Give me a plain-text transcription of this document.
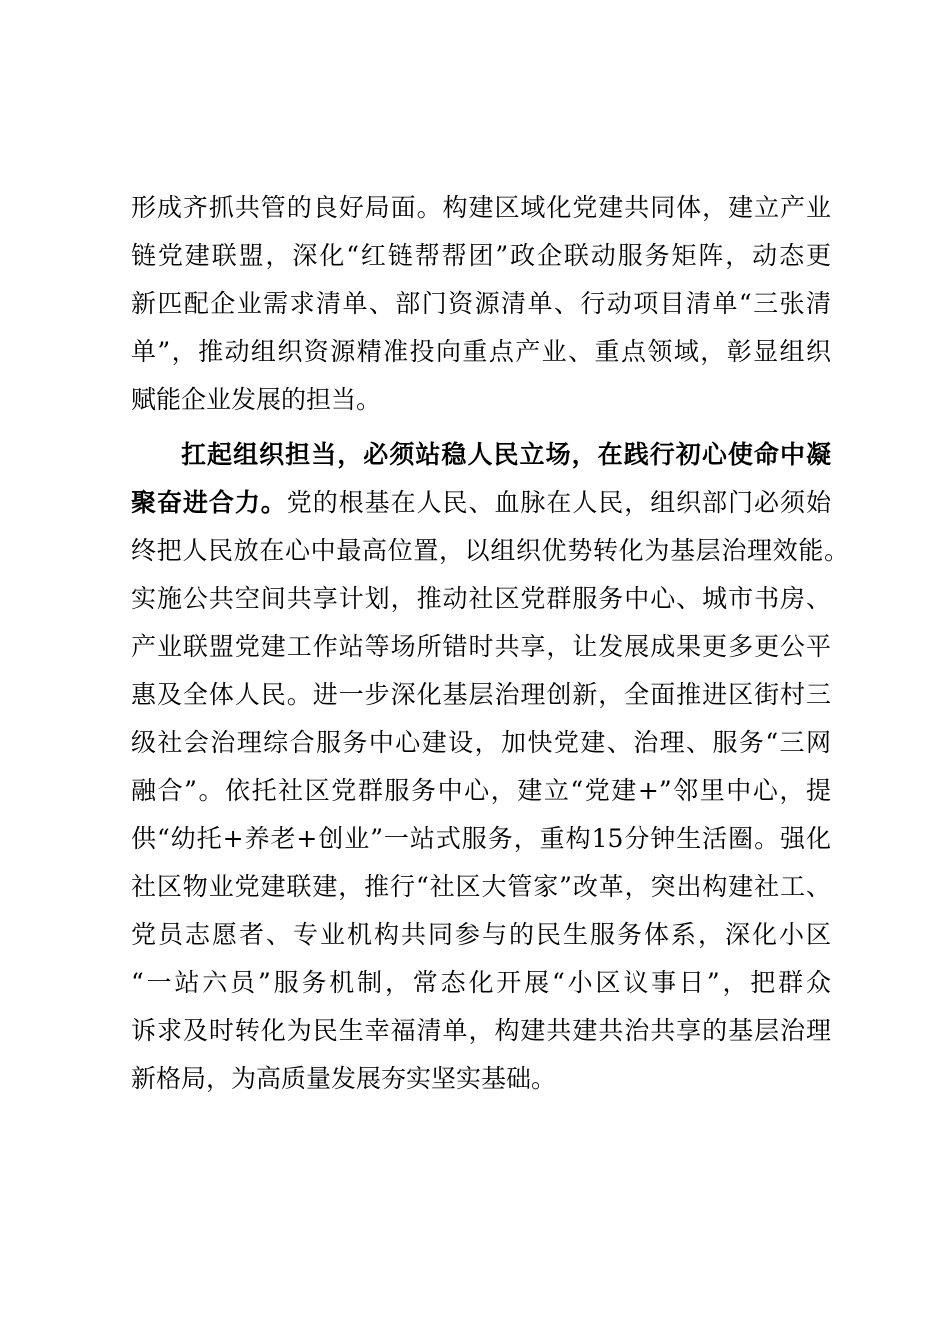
形成齐抓共管的良好局面。构建区域化党建共同体，建立产业
链党建联盟，深化“红链帮帮团”政企联动服务矩阵，动态更
新匹配企业需求清单、部门资源清单、行动项目清单“三张清
单”，推动组织资源精准投向重点产业、重点领域，彰显组织
赋能企业发展的担当。
扛起组织担当，必须站稳人民立场，在践行初心使命中凝
聚奋进合力。党的根基在人民、血脉在人民，组织部门必须始
终把人民放在心中最高位置，以组织优势转化为基层治理效能。
实施公共空间共享计划，推动社区党群服务中心、城市书房、
产业联盟党建工作站等场所错时共享，让发展成果更多更公平
惠及全体人民。进一步深化基层治理创新，全面推进区街村三
级社会治理综合服务中心建设，加快党建、治理、服务“三网
融合”。依托社区党群服务中心，建立“党建+”邻里中心，提
供“幼托+养老+创业”一站式服务，重构15分钟生活圈。强化
社区物业党建联建，推行“社区大管家”改革，突出构建社工、
党员志愿者、专业机构共同参与的民生服务体系，深化小区
“一站六员”服务机制，常态化开展“小区议事日”，把群众
诉求及时转化为民生幸福清单，构建共建共治共享的基层治理
新格局，为高质量发展夯实坚实基础。
